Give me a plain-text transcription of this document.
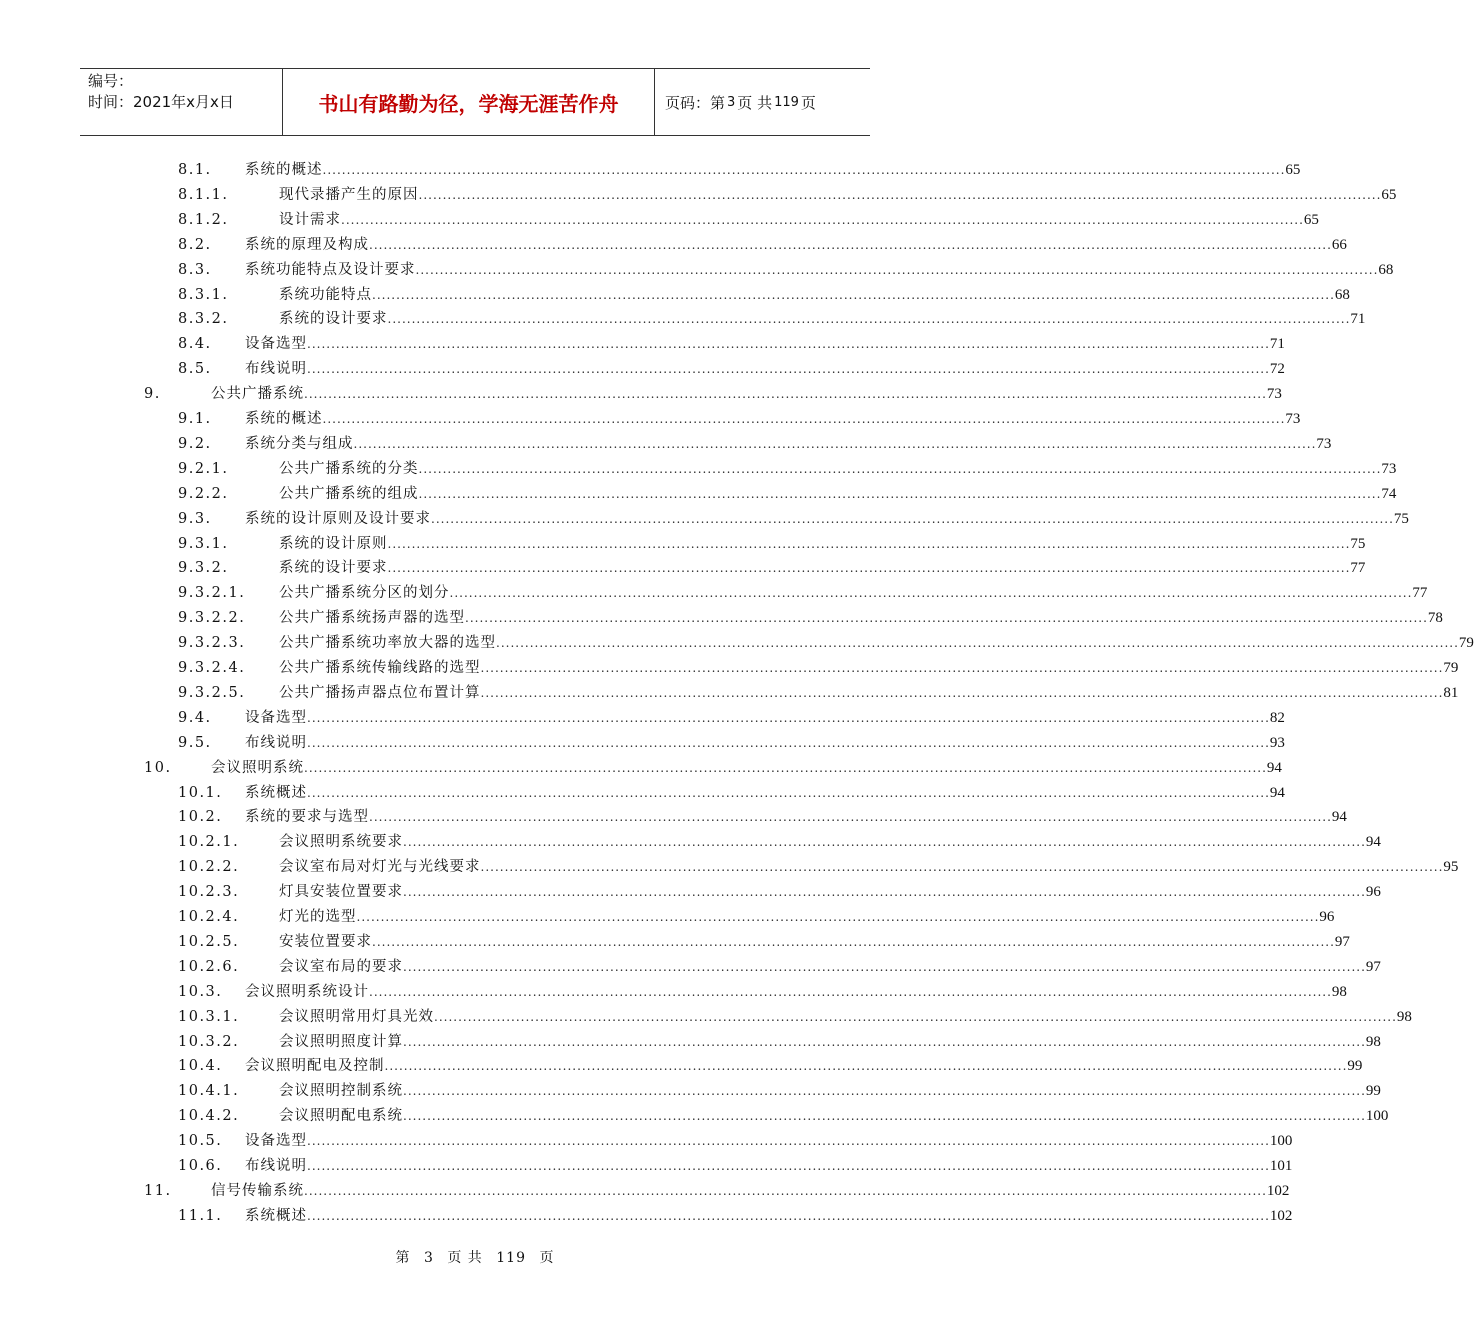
编号：
时间：2021年x月x日	书山有路勤为径，学海无涯苦作舟	页码：第 3 页 共 119 页
8.1. 系统的概述 ........................................................................................................................................................................................................ 65
8.1.1.	现代录播产生的原因 ........................................................................................................................................................................................................ 65
8.1.2.	设计需求 ........................................................................................................................................................................................................ 65
8.2. 系统的原理及构成 ........................................................................................................................................................................................................ 66
8.3. 系统功能特点及设计要求 ........................................................................................................................................................................................................ 68
8.3.1.	系统功能特点 ........................................................................................................................................................................................................ 68
8.3.2.	系统的设计要求 ........................................................................................................................................................................................................ 71
8.4. 设备选型 ........................................................................................................................................................................................................ 71
8.5. 布线说明 ........................................................................................................................................................................................................ 72
9.	公共广播系统 ........................................................................................................................................................................................................ 73
9.1. 系统的概述 ........................................................................................................................................................................................................ 73
9.2. 系统分类与组成 ........................................................................................................................................................................................................ 73
9.2.1.	公共广播系统的分类 ........................................................................................................................................................................................................ 73
9.2.2.	公共广播系统的组成 ........................................................................................................................................................................................................ 74
9.3. 系统的设计原则及设计要求 ........................................................................................................................................................................................................ 75
9.3.1.	系统的设计原则 ........................................................................................................................................................................................................ 75
9.3.2.	系统的设计要求 ........................................................................................................................................................................................................ 77
9.3.2.1. 公共广播系统分区的划分 ........................................................................................................................................................................................................ 77
9.3.2.2. 公共广播系统扬声器的选型 ........................................................................................................................................................................................................ 78
9.3.2.3. 公共广播系统功率放大器的选型 ........................................................................................................................................................................................................ 79
9.3.2.4. 公共广播系统传输线路的选型 ........................................................................................................................................................................................................ 79
9.3.2.5. 公共广播扬声器点位布置计算 ........................................................................................................................................................................................................ 81
9.4. 设备选型 ........................................................................................................................................................................................................ 82
9.5. 布线说明 ........................................................................................................................................................................................................ 93
10.	会议照明系统 ........................................................................................................................................................................................................ 94
10.1. 系统概述 ........................................................................................................................................................................................................ 94
10.2. 系统的要求与选型 ........................................................................................................................................................................................................ 94
10.2.1.	会议照明系统要求 ........................................................................................................................................................................................................ 94
10.2.2.	会议室布局对灯光与光线要求 ........................................................................................................................................................................................................ 95
10.2.3.	灯具安装位置要求 ........................................................................................................................................................................................................ 96
10.2.4.	灯光的选型 ........................................................................................................................................................................................................ 96
10.2.5.	安装位置要求 ........................................................................................................................................................................................................ 97
10.2.6.	会议室布局的要求 ........................................................................................................................................................................................................ 97
10.3. 会议照明系统设计 ........................................................................................................................................................................................................ 98
10.3.1.	会议照明常用灯具光效 ........................................................................................................................................................................................................ 98
10.3.2.	会议照明照度计算 ........................................................................................................................................................................................................ 98
10.4. 会议照明配电及控制 ........................................................................................................................................................................................................ 99
10.4.1.	会议照明控制系统 ........................................................................................................................................................................................................ 99
10.4.2.	会议照明配电系统 ........................................................................................................................................................................................................ 100
10.5. 设备选型 ........................................................................................................................................................................................................ 100
10.6. 布线说明 ........................................................................................................................................................................................................ 101
11.	信号传输系统 ........................................................................................................................................................................................................ 102
11.1. 系统概述 ........................................................................................................................................................................................................ 102
第 3 页 共 119 页
